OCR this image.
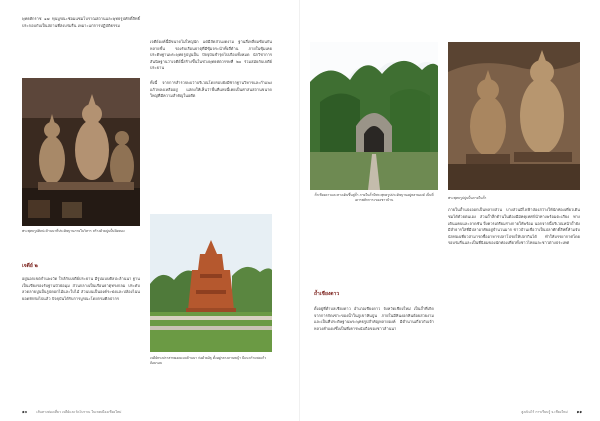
พุทธศักราช ๑๗ ทุนบูรณะซ่อมแซมโบราณสถานและพุทธรูปศักดิ์สิทธิ์ ประกอบกับเป็นสถานที่สงบร่มรื่น เหมาะแก่การปฏิบัติธรรม

พระพุทธรูปศิลปะล้านนาที่ประดิษฐานภายในวิหาร สร้างด้วยปูนปั้นปิดทอง

เจดีย์ ๒

อยู่นอกเขตกำแพงวัด ใกล้กับเจดีย์ประธาน มีรูปแบบศิลปะล้านนา ฐานเป็นเขียงรองรับฐานบัวย่อมุม ส่วนกลางเป็นเรือนธาตุทรงกลม ประดับลวดลายปูนปั้นรูปดอกไม้และใบไม้ ส่วนบนเป็นองค์ระฆังและปล้องไฉน ยอดหักพังไปแล้ว ปัจจุบันได้รับการบูรณะโดยกรมศิลปากร

เจดีย์องค์นี้มีขนาดไม่ใหญ่นัก แต่มีสัดส่วนงดงาม ฐานสี่เหลี่ยมซ้อนกันหลายชั้น รองรับเรือนธาตุที่มีซุ้มจระนำทั้งสี่ด้าน ภายในซุ้มเคยประดิษฐานพระพุทธรูปปูนปั้น ปัจจุบันชำรุดไปเกือบทั้งหมด นักวิชาการสันนิษฐานว่าเจดีย์นี้สร้างขึ้นในช่วงพุทธศตวรรษที่ ๒๐ ร่วมสมัยกับเจดีย์ประธาน

ทั้งนี้ จากการสำรวจพบว่าบริเวณโดยรอบยังมีซากฐานวิหารและกำแพงแก้วหลงเหลืออยู่ แสดงให้เห็นว่าพื้นที่แห่งนี้เคยเป็นศาสนสถานขนาดใหญ่ที่มีความสำคัญในอดีต

เจดีย์ทรงปราสาทยอดแบบล้านนา ก่อด้วยอิฐ ตั้งอยู่กลางลานหญ้า มีแนวกำแพงแก้วล้อมรอบ

๑๐	เส้นทางท่องเที่ยว เจดีย์และวัดโบราณ ในเขตเมืองเชียงใหม่

ถ้ำเชียงดาวและทางเดินขึ้นสู่ถ้ำ ภายในถ้ำมีพระพุทธรูปประดิษฐานอยู่หลายองค์ เป็นที่เคารพสักการะของชาวบ้าน

ถ้ำเชียงดาว

ตั้งอยู่ที่ตำบลเชียงดาว อำเภอเชียงดาว จังหวัดเชียงใหม่ เป็นถ้ำที่เกิดจากการกัดเซาะของน้ำในภูเขาหินปูน ภายในมีหินงอกหินย้อยสวยงาม และเป็นที่ประดิษฐานพระพุทธรูปสำคัญหลายองค์ มีตำนานเกี่ยวกับเจ้าหลวงคำแดงซึ่งเป็นที่เคารพนับถือของชาวล้านนา

พระพุทธรูปปูนปั้นภายในถ้ำ

ภายในถ้ำแบ่งออกเป็นหลายส่วน บางส่วนมีไฟฟ้าส่องสว่างให้นักท่องเที่ยวเดินชมได้ด้วยตนเอง ส่วนถ้ำลึกด้านในต้องมีมัคคุเทศก์นำทางพร้อมตะเกียง ทางเดินแคบและลาดชัน จึงควรเตรียมร่างกายให้พร้อม นอกจากนี้บริเวณหน้าถ้ำยังมีลำธารใสที่มีปลาอาศัยอยู่จำนวนมาก ชาวบ้านเชื่อว่าเป็นปลาศักดิ์สิทธิ์ห้ามจับ นักท่องเที่ยวสามารถซื้ออาหารปลาโปรยให้ปลากินได้ ทำให้บรรยากาศโดยรอบร่มรื่นและเป็นที่นิยมของนักท่องเที่ยวทั้งชาวไทยและชาวต่างประเทศ

สูงเนินไร้ การเรียนรู้ จ.เชียงใหม่ ๑๑
